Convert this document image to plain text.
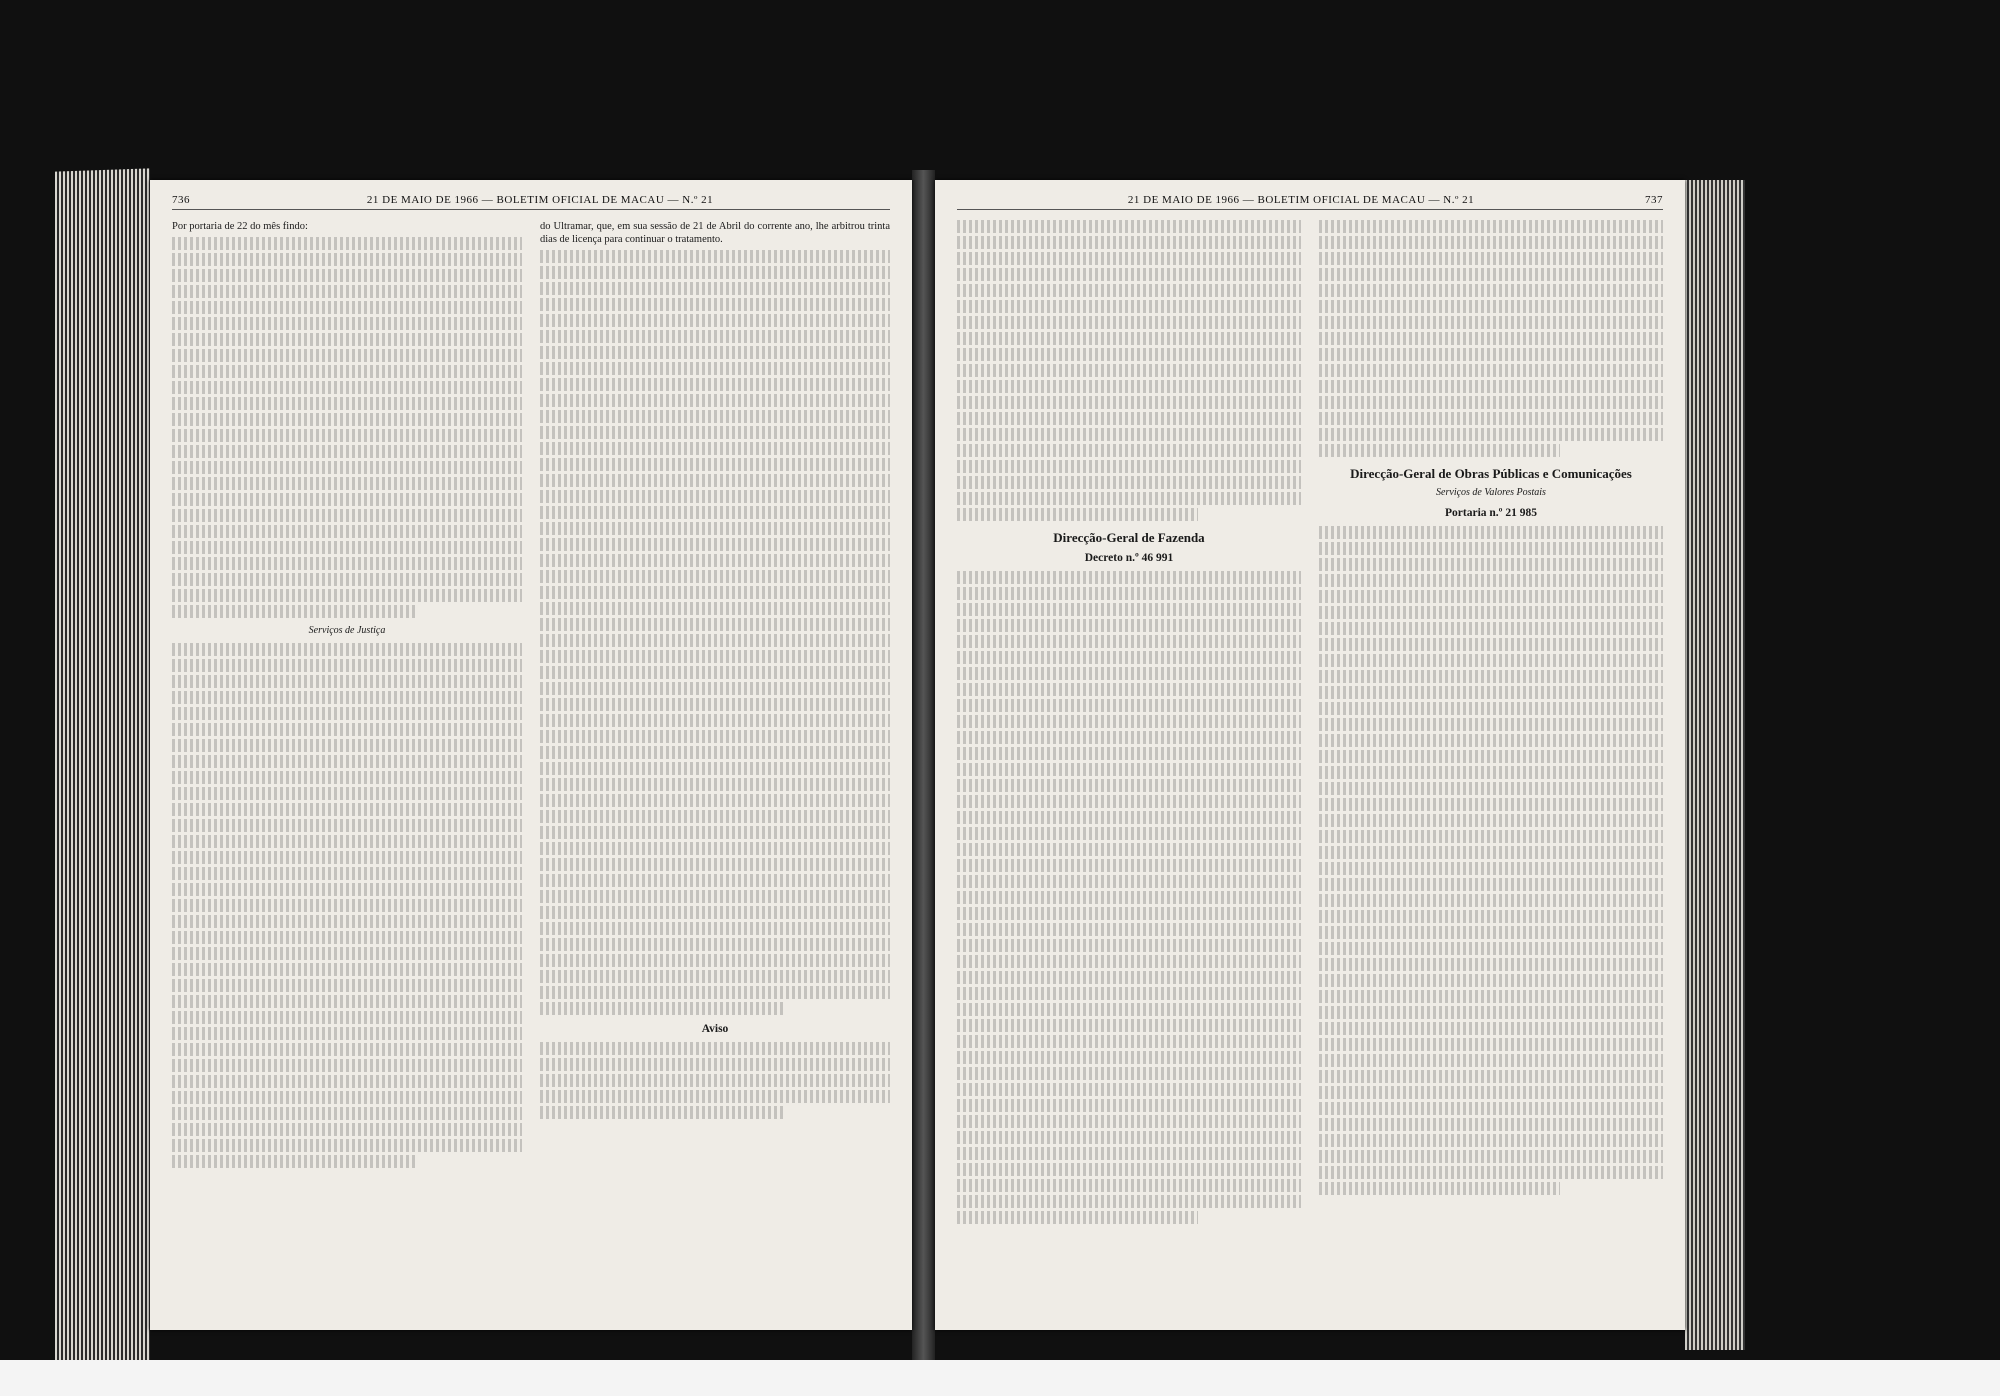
736	21 DE MAIO DE 1966 — BOLETIM OFICIAL DE MACAU — N.º 21

Por portaria de 22 do mês findo:

Serviços de Justiça

do Ultramar, que, em sua sessão de 21 de Abril do corrente ano, lhe arbitrou trinta dias de licença para continuar o tratamento.

Aviso
21 DE MAIO DE 1966 — BOLETIM OFICIAL DE MACAU — N.º 21	737
Direcção-Geral de Fazenda
Decreto n.º 46 991
Direcção-Geral de Obras Públicas e Comunicações
Serviços de Valores Postais
Portaria n.º 21 985
